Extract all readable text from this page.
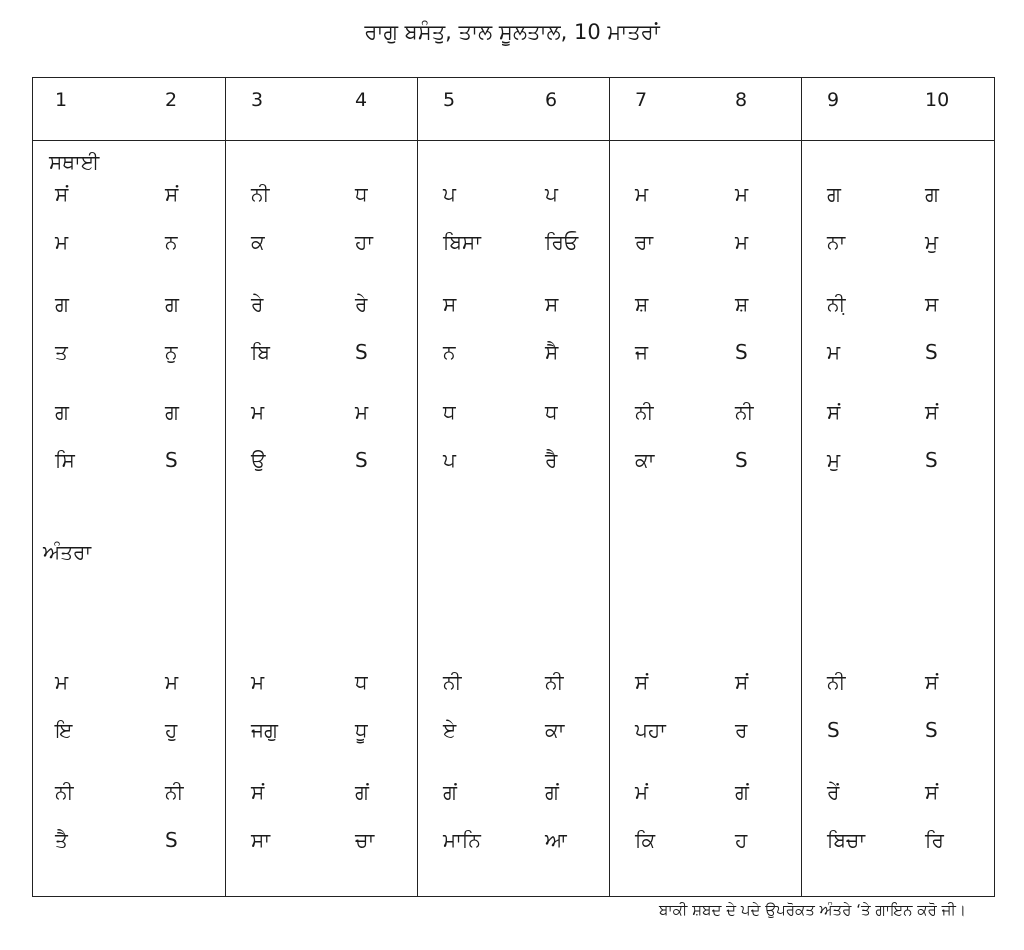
ਰਾਗੁ ਬਸੰਤੁ, ਤਾਲ ਸੂਲਤਾਲ, 10 ਮਾਤਰਾਂ
ਸਥਾਈ
ਅੰਤਰਾ
1	2	3	4	5	6	7	8	9	10
ਸਂ	ਸਂ	ਨੀ	ਧ	ਪ	ਪ	ਮ	ਮ	ਗ	ਗ
ਮ	ਨ	ਕ	ਹਾ	ਬਿਸਾ	ਰਿਓ	ਰਾ	ਮ	ਨਾ	ਮੁ
ਗ	ਗ	ਰੇ	ਰੇ	ਸ	ਸ	ਸ਼	ਸ਼	ਨੀ਼	ਸ
ਤ	ਨੁ	ਬਿ	S	ਨ	ਸੈ	ਜ	S	ਮ	S
ਗ	ਗ	ਮ	ਮ	ਧ	ਧ	ਨੀ	ਨੀ	ਸਂ	ਸਂ
ਸਿ	S	ਉ	S	ਪ	ਰੈ	ਕਾ	S	ਮੁ	S
ਮ	ਮ	ਮ	ਧ	ਨੀ	ਨੀ	ਸਂ	ਸਂ	ਨੀ	ਸਂ
ਇ	ਹੁ	ਜਗੁ	ਧੂ	ਏ	ਕਾ	ਪਹਾ	ਰ	S	S
ਨੀ	ਨੀ	ਸਂ	ਗਂ	ਗਂ	ਗਂ	ਮਂ	ਗਂ	ਰੇਂ	ਸਂ
ਤੈ	S	ਸਾ	ਚਾ	ਮਾਨਿ	ਆ	ਕਿ	ਹ	ਬਿਚਾ	ਰਿ
ਬਾਕੀ ਸ਼ਬਦ ਦੇ ਪਦੇ ਉਪਰੋਕਤ ਅੰਤਰੇ ‘ਤੇ ਗਾਇਨ ਕਰੋ ਜੀ।
